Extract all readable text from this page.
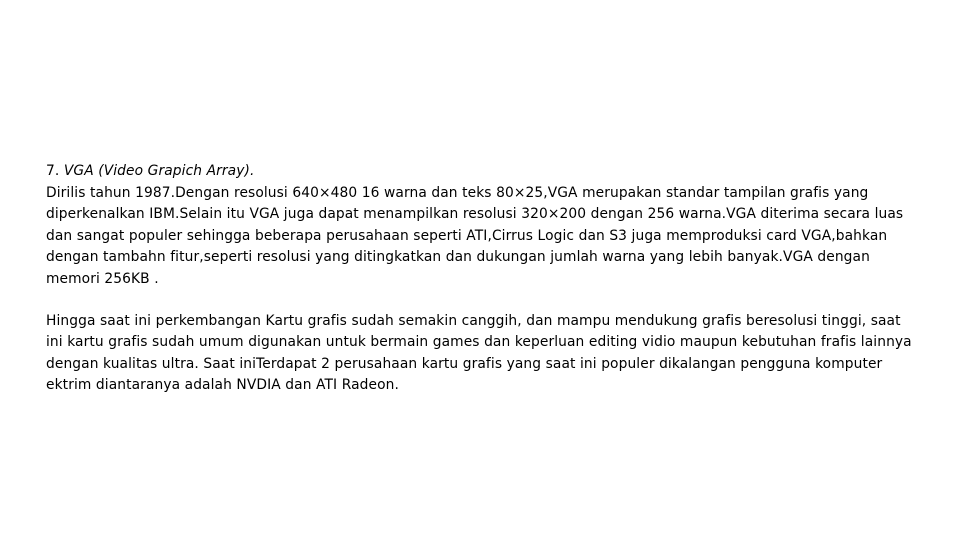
7. VGA (Video Grapich Array).

Dirilis tahun 1987.Dengan resolusi 640×480 16 warna dan teks 80×25,VGA merupakan standar tampilan grafis yang diperkenalkan IBM.Selain itu VGA juga dapat menampilkan resolusi 320×200 dengan 256 warna.VGA diterima secara luas dan sangat populer sehingga beberapa perusahaan seperti ATI,Cirrus Logic dan S3 juga memproduksi card VGA,bahkan dengan tambahn fitur,seperti resolusi yang ditingkatkan dan dukungan jumlah warna yang lebih banyak.VGA dengan memori 256KB .

Hingga saat ini perkembangan Kartu grafis sudah semakin canggih, dan mampu mendukung grafis beresolusi tinggi, saat ini kartu grafis sudah umum digunakan untuk bermain games dan keperluan editing vidio maupun kebutuhan frafis lainnya dengan kualitas ultra. Saat iniTerdapat 2 perusahaan kartu grafis yang saat ini populer dikalangan pengguna komputer ektrim diantaranya adalah NVDIA dan ATI Radeon.
